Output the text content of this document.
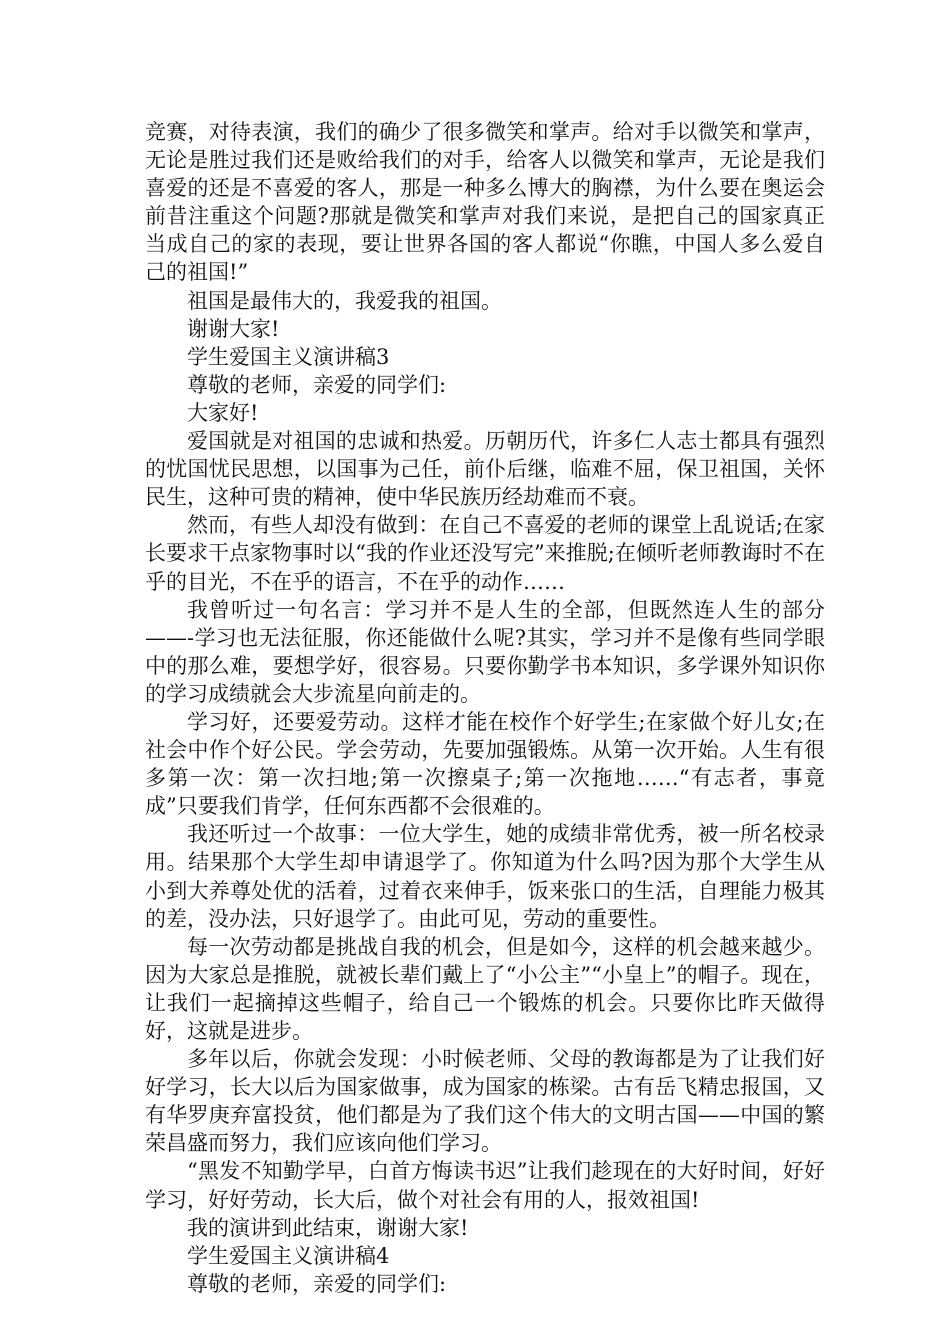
竞赛，对待表演，我们的确少了很多微笑和掌声。给对手以微笑和掌声，无论是胜过我们还是败给我们的对手，给客人以微笑和掌声，无论是我们喜爱的还是不喜爱的客人，那是一种多么博大的胸襟，为什么要在奥运会前昔注重这个问题?那就是微笑和掌声对我们来说，是把自己的国家真正当成自己的家的表现，要让世界各国的客人都说“你瞧，中国人多么爱自己的祖国!”

祖国是最伟大的，我爱我的祖国。

谢谢大家!

学生爱国主义演讲稿3

尊敬的老师，亲爱的同学们:

大家好!

爱国就是对祖国的忠诚和热爱。历朝历代，许多仁人志士都具有强烈的忧国忧民思想，以国事为己任，前仆后继，临难不屈，保卫祖国，关怀民生，这种可贵的精神，使中华民族历经劫难而不衰。

然而，有些人却没有做到：在自己不喜爱的老师的课堂上乱说话;在家长要求干点家物事时以“我的作业还没写完”来推脱;在倾听老师教诲时不在乎的目光，不在乎的语言，不在乎的动作……

我曾听过一句名言：学习并不是人生的全部，但既然连人生的部分——-学习也无法征服，你还能做什么呢?其实，学习并不是像有些同学眼中的那么难，要想学好，很容易。只要你勤学书本知识，多学课外知识你的学习成绩就会大步流星向前走的。

学习好，还要爱劳动。这样才能在校作个好学生;在家做个好儿女;在社会中作个好公民。学会劳动，先要加强锻炼。从第一次开始。人生有很多第一次：第一次扫地;第一次擦桌子;第一次拖地……“有志者，事竟成”只要我们肯学，任何东西都不会很难的。

我还听过一个故事：一位大学生，她的成绩非常优秀，被一所名校录用。结果那个大学生却申请退学了。你知道为什么吗?因为那个大学生从小到大养尊处优的活着，过着衣来伸手，饭来张口的生活，自理能力极其的差，没办法，只好退学了。由此可见，劳动的重要性。

每一次劳动都是挑战自我的机会，但是如今，这样的机会越来越少。因为大家总是推脱，就被长辈们戴上了“小公主”“小皇上”的帽子。现在，让我们一起摘掉这些帽子，给自己一个锻炼的机会。只要你比昨天做得好，这就是进步。

多年以后，你就会发现：小时候老师、父母的教诲都是为了让我们好好学习，长大以后为国家做事，成为国家的栋梁。古有岳飞精忠报国，又有华罗庚弃富投贫，他们都是为了我们这个伟大的文明古国——中国的繁荣昌盛而努力，我们应该向他们学习。

“黑发不知勤学早，白首方悔读书迟”让我们趁现在的大好时间，好好学习，好好劳动，长大后，做个对社会有用的人，报效祖国!

我的演讲到此结束，谢谢大家!

学生爱国主义演讲稿4

尊敬的老师，亲爱的同学们:
